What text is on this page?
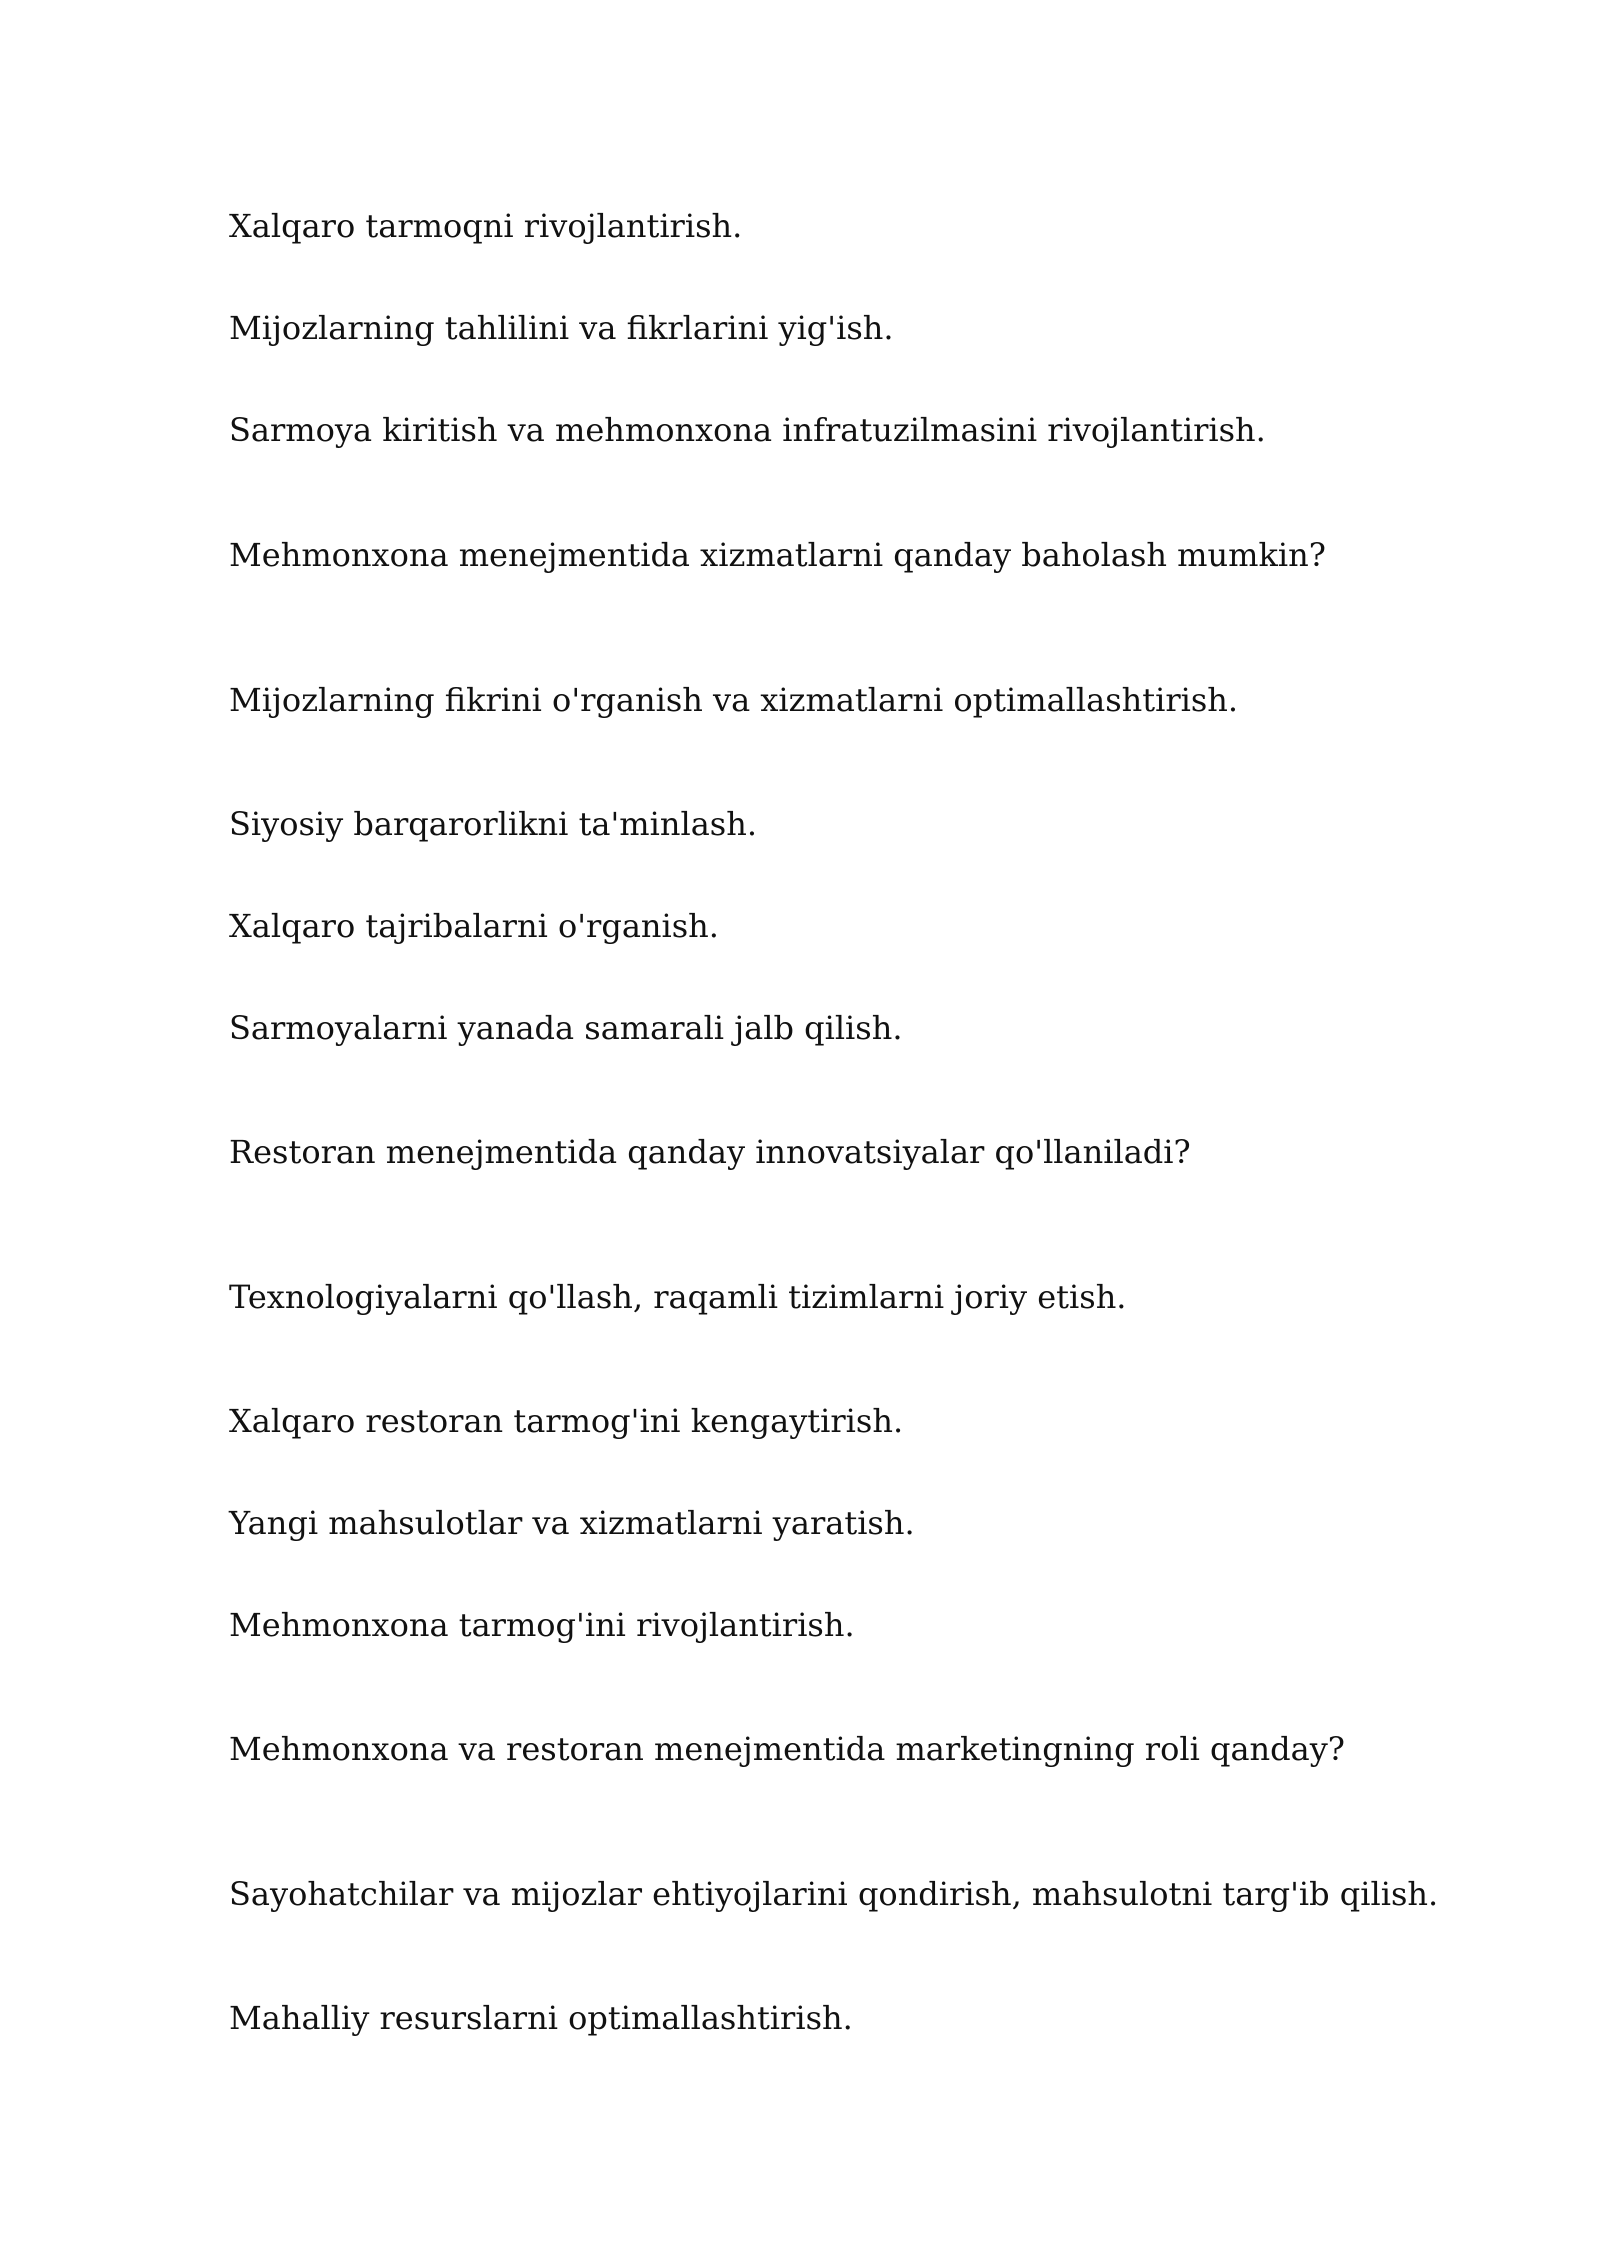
Xalqaro tarmoqni rivojlantirish.
Mijozlarning tahlilini va fikrlarini yig'ish.
Sarmoya kiritish va mehmonxona infratuzilmasini rivojlantirish.
Mehmonxona menejmentida xizmatlarni qanday baholash mumkin?
Mijozlarning fikrini o'rganish va xizmatlarni optimallashtirish.
Siyosiy barqarorlikni ta'minlash.
Xalqaro tajribalarni o'rganish.
Sarmoyalarni yanada samarali jalb qilish.
Restoran menejmentida qanday innovatsiyalar qo'llaniladi?
Texnologiyalarni qo'llash, raqamli tizimlarni joriy etish.
Xalqaro restoran tarmog'ini kengaytirish.
Yangi mahsulotlar va xizmatlarni yaratish.
Mehmonxona tarmog'ini rivojlantirish.
Mehmonxona va restoran menejmentida marketingning roli qanday?
Sayohatchilar va mijozlar ehtiyojlarini qondirish, mahsulotni targ'ib qilish.
Mahalliy resurslarni optimallashtirish.
